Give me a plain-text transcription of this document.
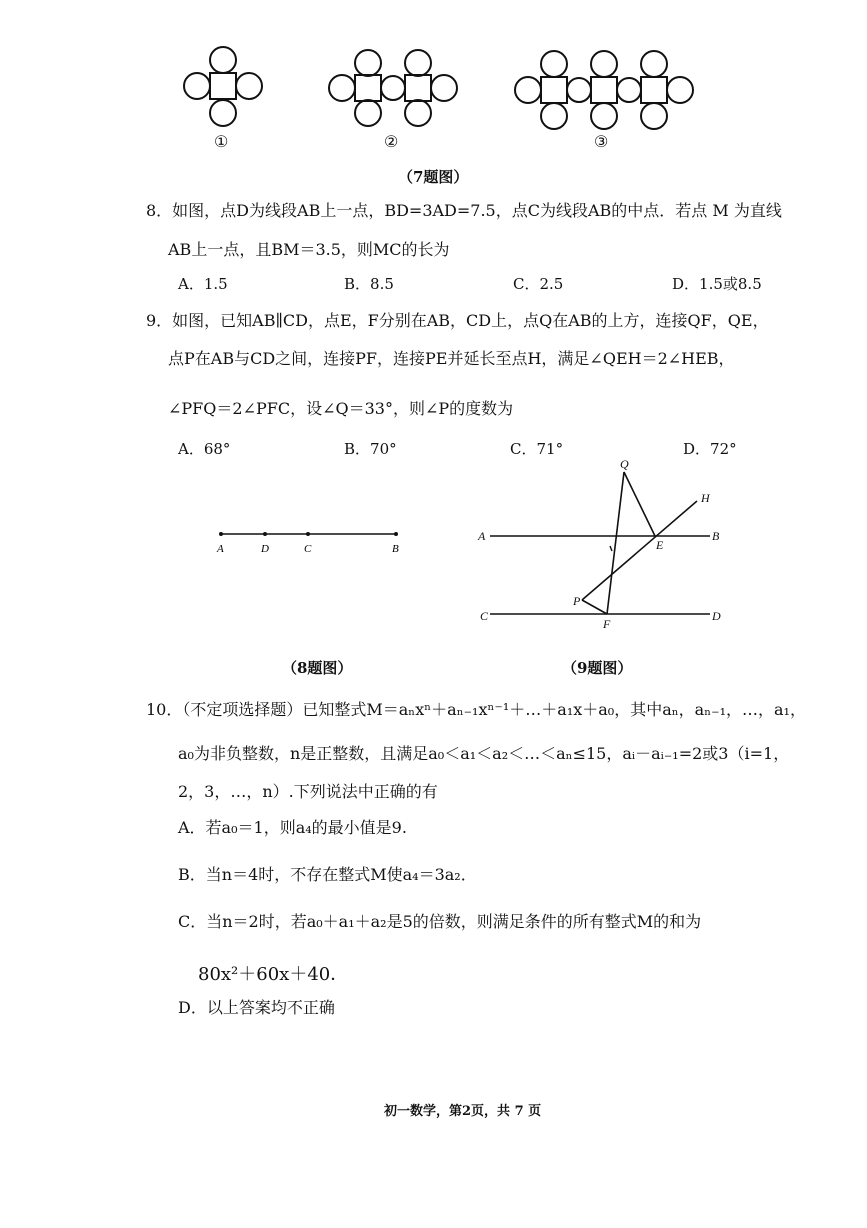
①	②	③
（7题图）
8．如图，点D为线段AB上一点，BD=3AD=7.5，点C为线段AB的中点．若点 M 为直线
AB上一点，且BM＝3.5，则MC的长为
A．1.5	B．8.5	C．2.5	D．1.5或8.5
9．如图，已知AB∥CD，点E，F分别在AB，CD上，点Q在AB的上方，连接QF，QE，
点P在AB与CD之间，连接PF，连接PE并延长至点H，满足∠QEH＝2∠HEB，
∠PFQ＝2∠PFC，设∠Q＝33°，则∠P的度数为
A．68°	B．70°	C．71°	D．72°
A	D	C	B
（8题图）
Q
H
A
E
B
P
C
F
D
（9题图）
10．（不定项选择题）已知整式M＝aₙxⁿ＋aₙ₋₁xⁿ⁻¹＋…＋a₁x＋a₀，其中aₙ，aₙ₋₁，…，a₁，
a₀为非负整数，n是正整数，且满足a₀＜a₁＜a₂＜…＜aₙ≤15，aᵢ－aᵢ₋₁=2或3（i=1，
2，3，…，n）.下列说法中正确的有
A．若a₀＝1，则a₄的最小值是9.
B．当n＝4时，不存在整式M使a₄＝3a₂．
C．当n＝2时，若a₀＋a₁＋a₂是5的倍数，则满足条件的所有整式M的和为
80x²＋60x＋40．
D．以上答案均不正确
初一数学，第2页，共 7 页
